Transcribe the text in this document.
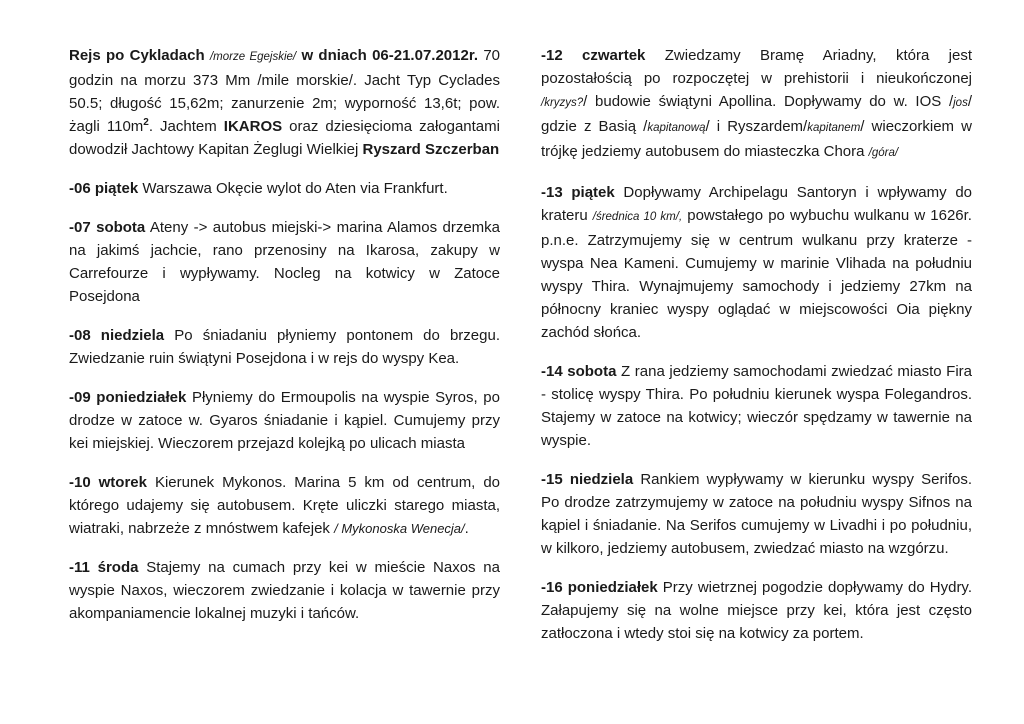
Rejs po Cykladach /morze Egejskie/ w dniach 06-21.07.2012r. 70 godzin na morzu 373 Mm /mile morskie/. Jacht Typ Cyclades 50.5; długość 15,62m; zanurzenie 2m; wyporność 13,6t; pow. żagli $110m^2$. Jachtem IKAROS oraz dziesięcioma załogantami dowodził Jachtowy Kapitan Żeglugi Wielkiej Ryszard Szczerban

-06 piątek Warszawa Okęcie wylot do Aten via Frankfurt.

-07 sobota Ateny -> autobus miejski-> marina Alamos drzemka na jakimś jachcie, rano przenosiny na Ikarosa, zakupy w Carrefourze i wypływamy. Nocleg na kotwicy w Zatoce Posejdona

-08 niedziela Po śniadaniu płyniemy pontonem do brzegu. Zwiedzanie ruin świątyni Posejdona i w rejs do wyspy Kea.

-09 poniedziałek Płyniemy do Ermoupolis na wyspie Syros, po drodze w zatoce w. Gyaros śniadanie i kąpiel. Cumujemy przy kei miejskiej. Wieczorem przejazd kolejką po ulicach miasta

-10 wtorek Kierunek Mykonos. Marina 5 km od centrum, do którego udajemy się autobusem. Kręte uliczki starego miasta, wiatraki, nabrzeże z mnóstwem kafejek / Mykonoska Wenecja/.

-11 środa Stajemy na cumach przy kei w mieście Naxos na wyspie Naxos, wieczorem zwiedzanie i kolacja w tawernie przy akompaniamencie lokalnej muzyki i tańców.

-12 czwartek Zwiedzamy Bramę Ariadny, która jest pozostałością po rozpoczętej w prehistorii i nieukończonej /kryzys?/ budowie świątyni Apollina. Dopływamy do w. IOS /jos/ gdzie z Basią /kapitanową/ i Ryszardem/kapitanem/ wieczorkiem w trójkę jedziemy autobusem do miasteczka Chora /góra/

-13 piątek Dopływamy Archipelagu Santoryn i wpływamy do krateru /średnica 10 km/, powstałego po wybuchu wulkanu w 1626r. p.n.e. Zatrzymujemy się w centrum wulkanu przy kraterze - wyspa Nea Kameni. Cumujemy w marinie Vlihada na południu wyspy Thira. Wynajmujemy samochody i jedziemy 27km na północny kraniec wyspy oglądać w miejscowości Oia piękny zachód słońca.

-14 sobota Z rana jedziemy samochodami zwiedzać miasto Fira - stolicę wyspy Thira. Po południu kierunek wyspa Folegandros. Stajemy w zatoce na kotwicy; wieczór spędzamy w tawernie na wyspie.

-15 niedziela Rankiem wypływamy w kierunku wyspy Serifos. Po drodze zatrzymujemy w zatoce na południu wyspy Sifnos na kąpiel i śniadanie. Na Serifos cumujemy w Livadhi i po południu, w kilkoro, jedziemy autobusem, zwiedzać miasto na wzgórzu.

-16 poniedziałek Przy wietrznej pogodzie dopływamy do Hydry. Załapujemy się na wolne miejsce przy kei, która jest często zatłoczona i wtedy stoi się na kotwicy za portem.
